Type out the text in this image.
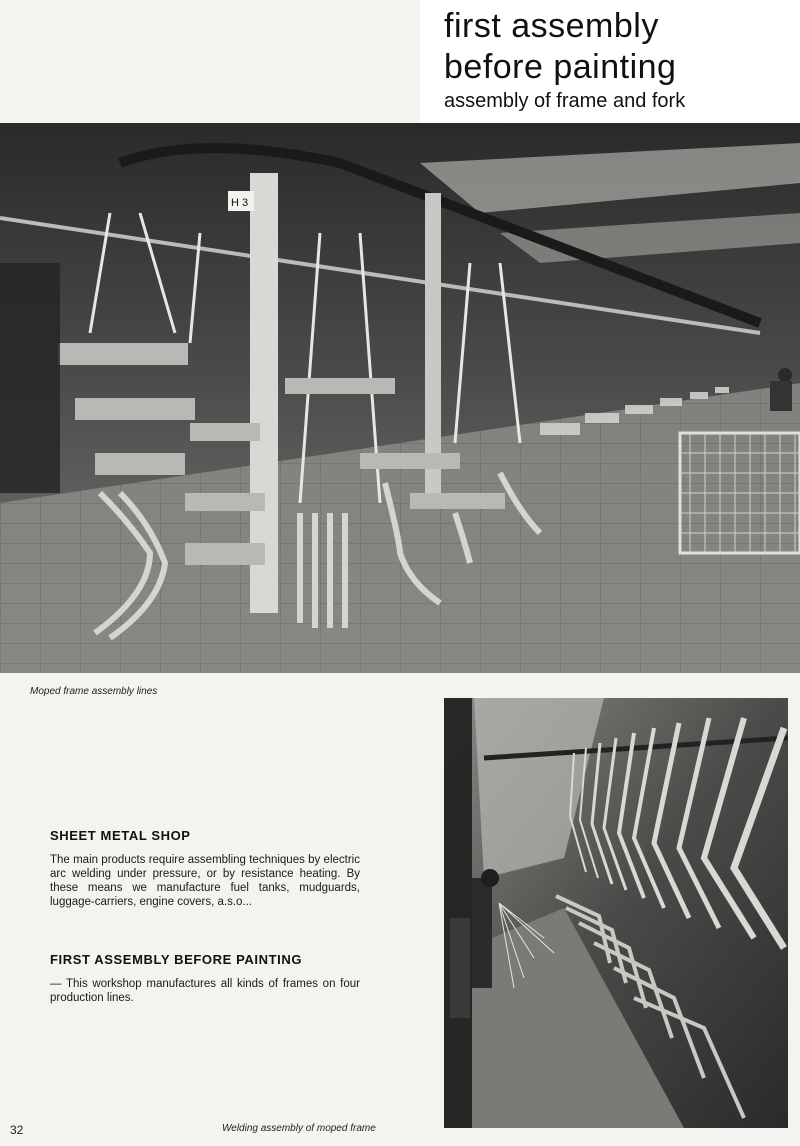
first assembly
before painting
assembly of frame and fork
H 3
Moped frame assembly lines
SHEET METAL SHOP
The main products require assembling techniques by electric arc welding under pressure, or by resistance heating. By these means we manufacture fuel tanks, mudguards, luggage-carriers, engine covers, a.s.o...
FIRST ASSEMBLY BEFORE PAINTING
— This workshop manufactures all kinds of frames on four production lines.
32	Welding assembly of moped frame
